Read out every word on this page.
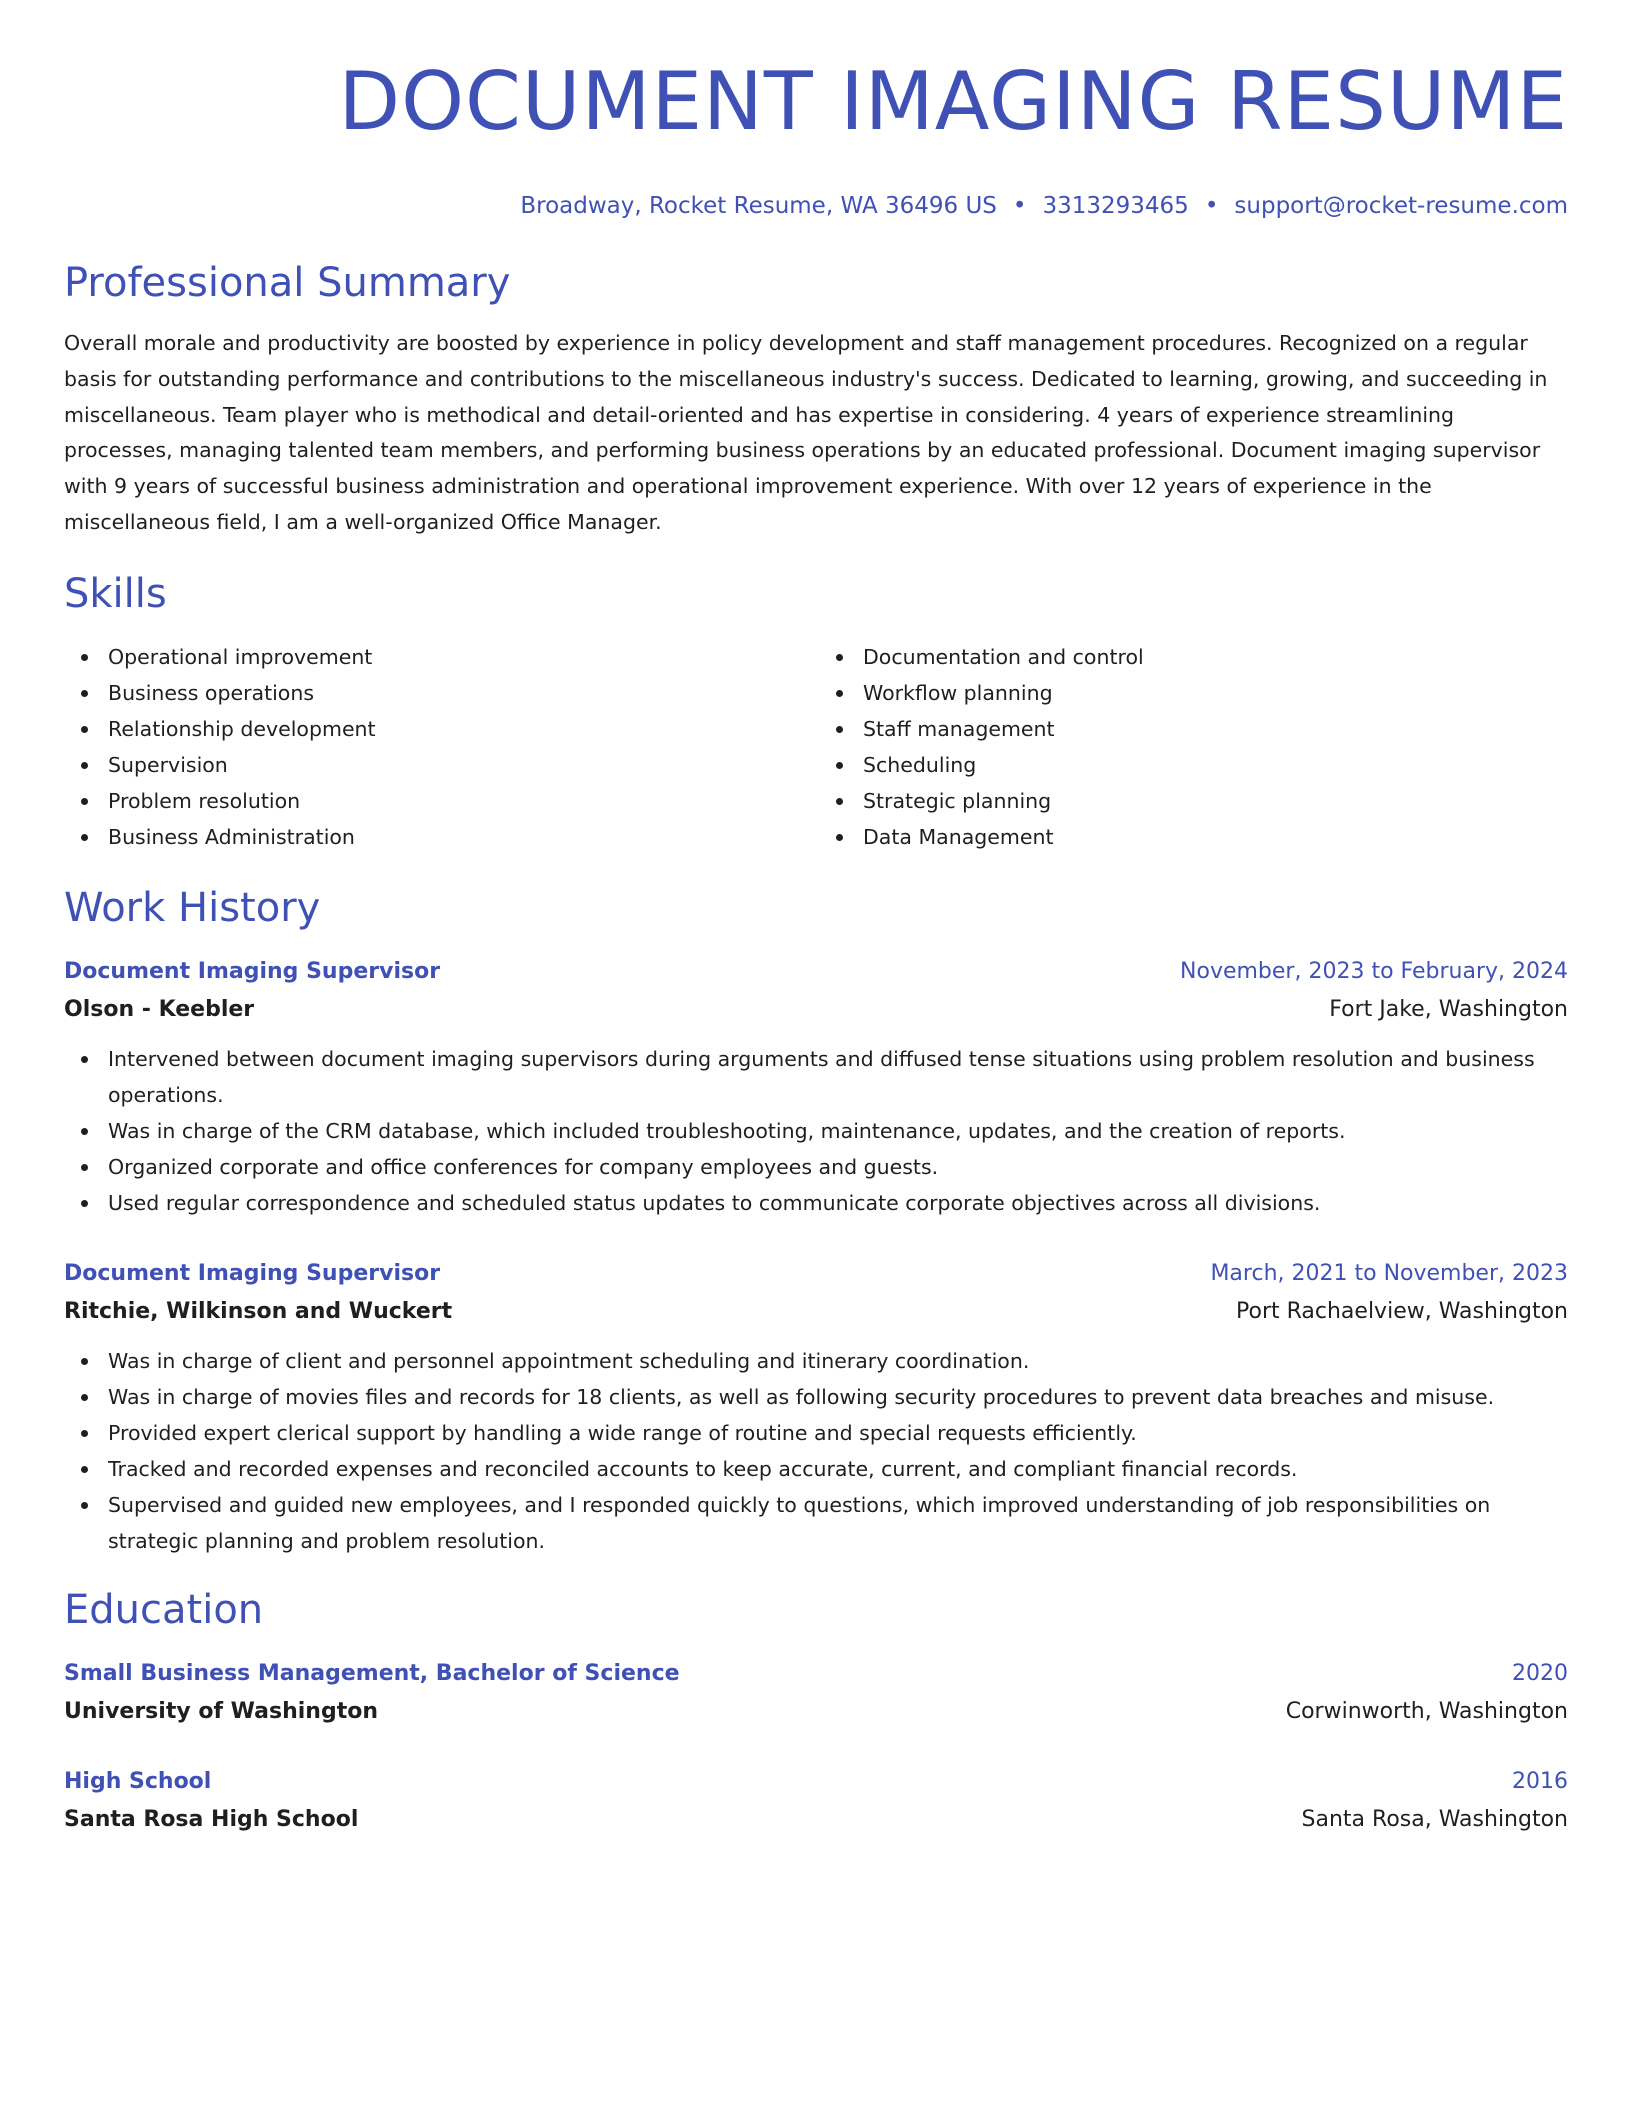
DOCUMENT IMAGING RESUME
Broadway, Rocket Resume, WA 36496 US • 3313293465 • support@rocket-resume.com
Professional Summary

Overall morale and productivity are boosted by experience in policy development and staff management procedures. Recognized on a regular basis for outstanding performance and contributions to the miscellaneous industry's success. Dedicated to learning, growing, and succeeding in miscellaneous. Team player who is methodical and detail-oriented and has expertise in considering. 4 years of experience streamlining processes, managing talented team members, and performing business operations by an educated professional. Document imaging supervisor with 9 years of successful business administration and operational improvement experience. With over 12 years of experience in the miscellaneous field, I am a well-organized Office Manager.

Skills
Operational improvement
Business operations
Relationship development
Supervision
Problem resolution
Business Administration
Documentation and control
Workflow planning
Staff management
Scheduling
Strategic planning
Data Management
Work History
Document Imaging Supervisor	November, 2023 to February, 2024
Olson - Keebler	Fort Jake, Washington
Intervened between document imaging supervisors during arguments and diffused tense situations using problem resolution and business operations.
Was in charge of the CRM database, which included troubleshooting, maintenance, updates, and the creation of reports.
Organized corporate and office conferences for company employees and guests.
Used regular correspondence and scheduled status updates to communicate corporate objectives across all divisions.
Document Imaging Supervisor	March, 2021 to November, 2023
Ritchie, Wilkinson and Wuckert	Port Rachaelview, Washington
Was in charge of client and personnel appointment scheduling and itinerary coordination.
Was in charge of movies files and records for 18 clients, as well as following security procedures to prevent data breaches and misuse.
Provided expert clerical support by handling a wide range of routine and special requests efficiently.
Tracked and recorded expenses and reconciled accounts to keep accurate, current, and compliant financial records.
Supervised and guided new employees, and I responded quickly to questions, which improved understanding of job responsibilities on strategic planning and problem resolution.
Education
Small Business Management, Bachelor of Science	2020
University of Washington	Corwinworth, Washington
High School	2016
Santa Rosa High School	Santa Rosa, Washington
